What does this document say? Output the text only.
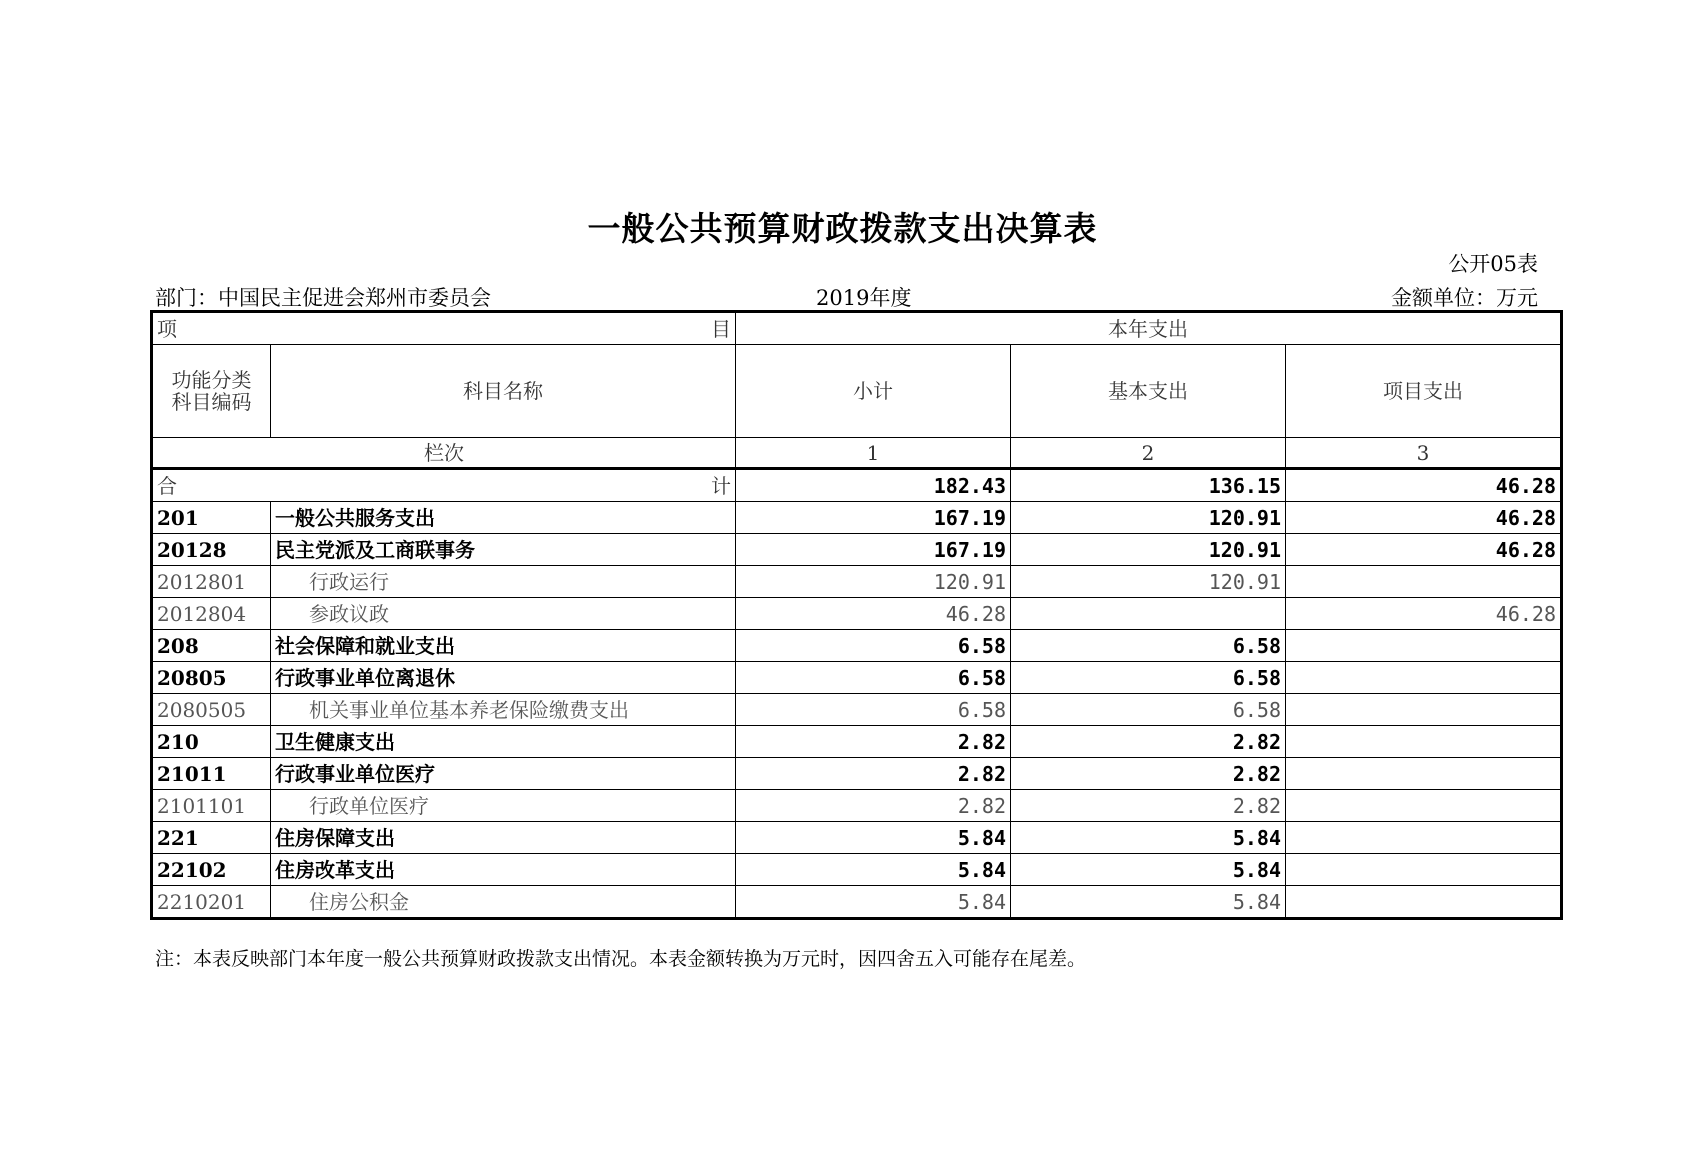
一般公共预算财政拨款支出决算表
公开05表
部门：中国民主促进会郑州市委员会	2019年度	金额单位：万元
项 目		本年支出		

功能分类
科目编码	科目名称	小计	基本支出	项目支出
栏次		1	2	3

合 计		182.43	136.15	46.28
201	一般公共服务支出	167.19	120.91	46.28
20128	民主党派及工商联事务	167.19	120.91	46.28
2012801	行政运行	120.91	120.91	
2012804	参政议政	46.28		46.28
208	社会保障和就业支出	6.58	6.58	
20805	行政事业单位离退休	6.58	6.58	
2080505	机关事业单位基本养老保险缴费支出	6.58	6.58	
210	卫生健康支出	2.82	2.82	
21011	行政事业单位医疗	2.82	2.82	
2101101	行政单位医疗	2.82	2.82	
221	住房保障支出	5.84	5.84	
22102	住房改革支出	5.84	5.84	
2210201	住房公积金	5.84	5.84	
注：本表反映部门本年度一般公共预算财政拨款支出情况。本表金额转换为万元时，因四舍五入可能存在尾差。
